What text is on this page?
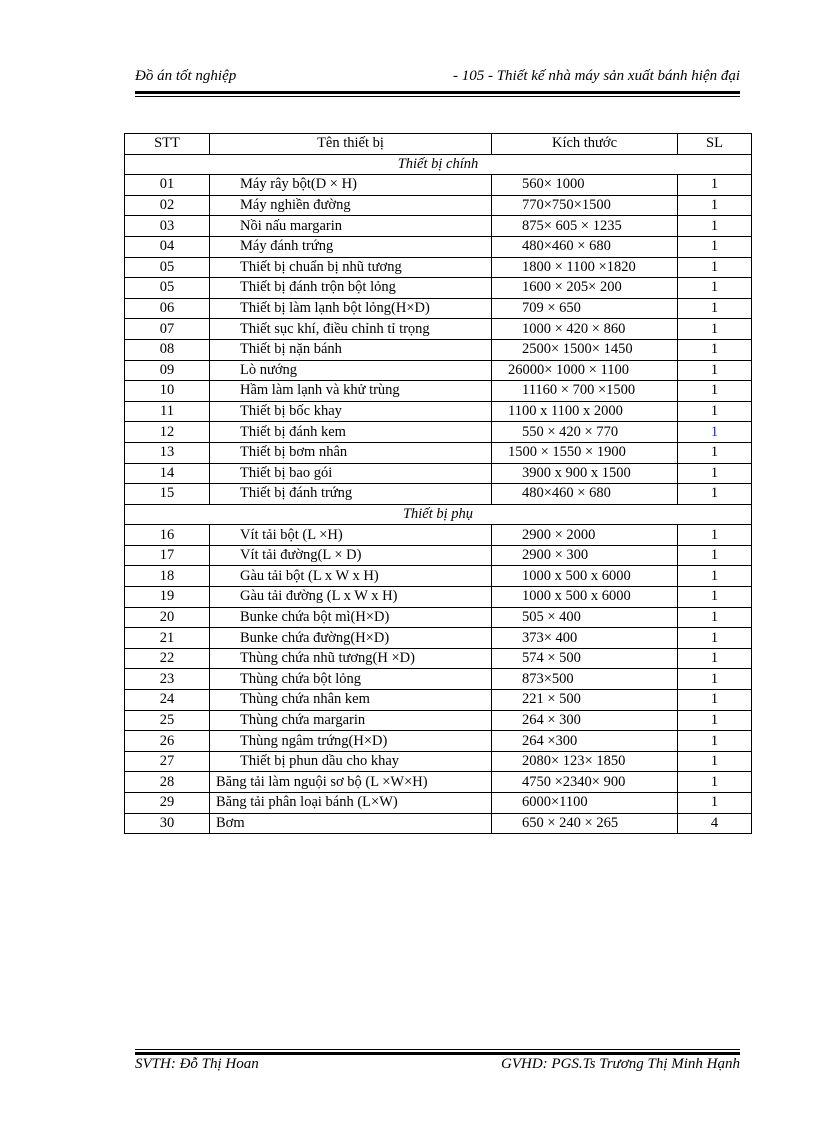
Đồ án tốt nghiệp	- 105 - Thiết kế nhà máy sản xuất bánh hiện đại
STT	Tên thiết bị	Kích thước	SL
Thiết bị chính			
01	Máy rây bột(D × H)	560× 1000	1
02	Máy nghiền đường	770×750×1500	1
03	Nồi nấu margarin	875× 605 × 1235	1
04	Máy đánh trứng	480×460 × 680	1
05	Thiết bị chuẩn bị nhũ tương	1800 × 1100 ×1820	1
05	Thiết bị đánh trộn bột lỏng	1600 × 205× 200	1
06	Thiết bị làm lạnh bột lỏng(H×D)	709 × 650	1
07	Thiết sục khí, điều chỉnh tỉ trọng	1000 × 420 × 860	1
08	Thiết bị nặn bánh	2500× 1500× 1450	1
09	Lò nướng	26000× 1000 × 1100	1
10	Hầm làm lạnh và khử trùng	11160 × 700 ×1500	1
11	Thiết bị bốc khay	1100 x 1100 x 2000	1
12	Thiết bị đánh kem	550 × 420 × 770	1
13	Thiết bị bơm nhân	1500 × 1550 × 1900	1
14	Thiết bị bao gói	3900 x 900 x 1500	1
15	Thiết bị đánh trứng	480×460 × 680	1
Thiết bị phụ			
16	Vít tải bột (L ×H)	2900 × 2000	1
17	Vít tải đường(L × D)	2900 × 300	1
18	Gàu tải bột (L x W x H)	1000 x 500 x 6000	1
19	Gàu tải đường (L x W x H)	1000 x 500 x 6000	1
20	Bunke chứa bột mì(H×D)	505 × 400	1
21	Bunke chứa đường(H×D)	373× 400	1
22	Thùng chứa nhũ tương(H ×D)	574 × 500	1
23	Thùng chứa bột lỏng	873×500	1
24	Thùng chứa nhân kem	221 × 500	1
25	Thùng chứa margarin	264 × 300	1
26	Thùng ngâm trứng(H×D)	264 ×300	1
27	Thiết bị phun dầu cho khay	2080× 123× 1850	1
28	Băng tải làm nguội sơ bộ (L ×W×H)	4750 ×2340× 900	1
29	Băng tải phân loại bánh (L×W)	6000×1100	1
30	Bơm	650 × 240 × 265	4
SVTH: Đỗ Thị Hoan	GVHD: PGS.Ts Trương Thị Minh Hạnh
